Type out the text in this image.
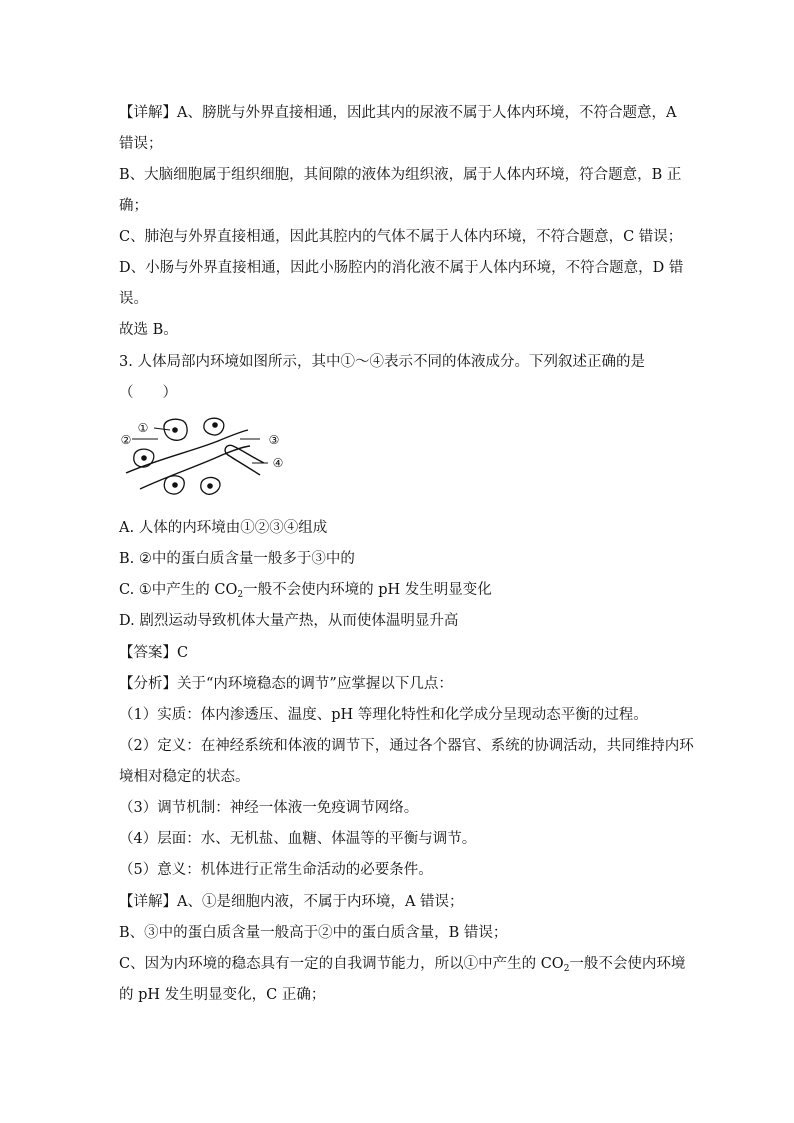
【详解】A、膀胱与外界直接相通，因此其内的尿液不属于人体内环境，不符合题意，A
错误；
B、大脑细胞属于组织细胞，其间隙的液体为组织液，属于人体内环境，符合题意，B 正
确；
C、肺泡与外界直接相通，因此其腔内的气体不属于人体内环境，不符合题意，C 错误；
D、小肠与外界直接相通，因此小肠腔内的消化液不属于人体内环境，不符合题意，D 错
误。
故选 B。
3. 人体局部内环境如图所示，其中①～④表示不同的体液成分。下列叙述正确的是
（　　）
①
②	③
④
A. 人体的内环境由①②③④组成
B. ②中的蛋白质含量一般多于③中的
C. ①中产生的 $CO_2$一般不会使内环境的 pH 发生明显变化
D. 剧烈运动导致机体大量产热，从而使体温明显升高
【答案】C
【分析】关于“内环境稳态的调节”应掌握以下几点：
（1）实质：体内渗透压、温度、pH 等理化特性和化学成分呈现动态平衡的过程。
（2）定义：在神经系统和体液的调节下，通过各个器官、系统的协调活动，共同维持内环
境相对稳定的状态。
（3）调节机制：神经一体液一免疫调节网络。
（4）层面：水、无机盐、血糖、体温等的平衡与调节。
（5）意义：机体进行正常生命活动的必要条件。
【详解】A、①是细胞内液，不属于内环境，A 错误；
B、③中的蛋白质含量一般高于②中的蛋白质含量，B 错误；
C、因为内环境的稳态具有一定的自我调节能力，所以①中产生的 $CO_2$一般不会使内环境
的 pH 发生明显变化，C 正确；
